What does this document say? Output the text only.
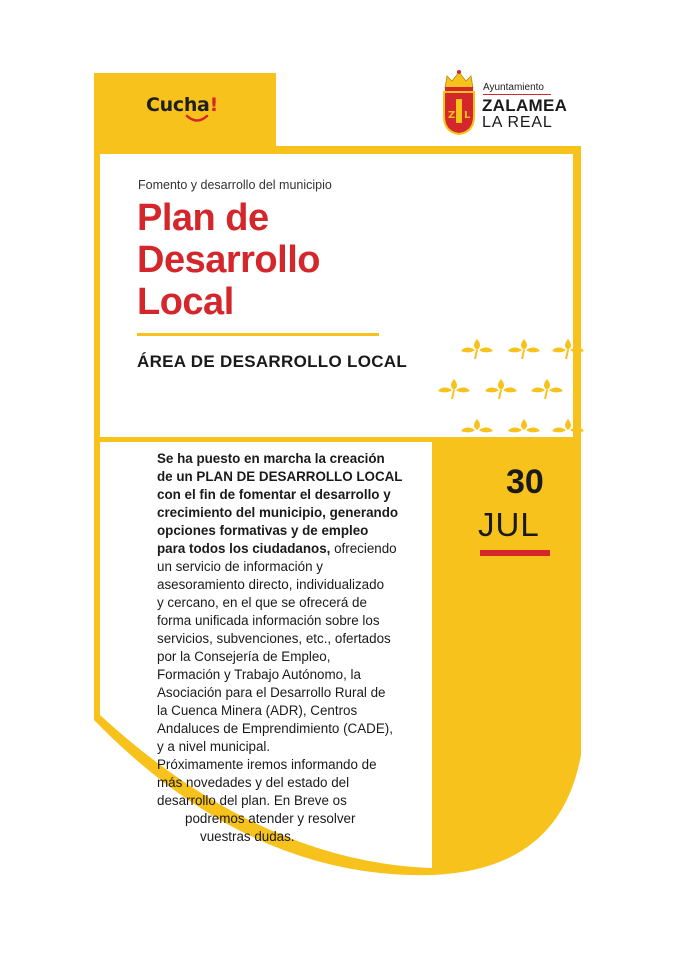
Cucha!	Z L
Ayuntamiento
ZALAMEA
LA REAL
Fomento y desarrollo del municipio
Plan de
Desarrollo
Local
ÁREA DE DESARROLLO LOCAL
30
JUL
Se ha puesto en marcha la creación
de un PLAN DE DESARROLLO LOCAL
con el fin de fomentar el desarrollo y
crecimiento del municipio, generando
opciones formativas y de empleo
para todos los ciudadanos, ofreciendo
un servicio de información y
asesoramiento directo, individualizado
y cercano, en el que se ofrecerá de
forma unificada información sobre los
servicios, subvenciones, etc., ofertados
por la Consejería de Empleo,
Formación y Trabajo Autónomo, la
Asociación para el Desarrollo Rural de
la Cuenca Minera (ADR), Centros
Andaluces de Emprendimiento (CADE),
y a nivel municipal.
Próximamente iremos informando de
más novedades y del estado del
desarrollo del plan. En Breve os
podremos atender y resolver
vuestras dudas.
